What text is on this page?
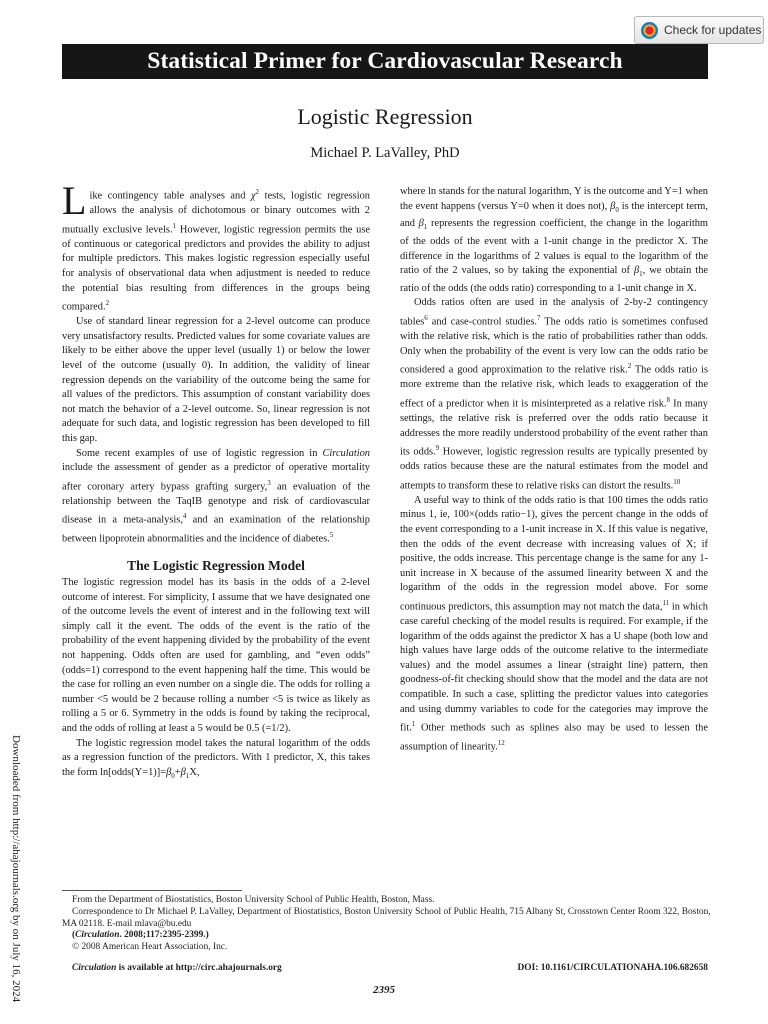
Check for updates
Statistical Primer for Cardiovascular Research
Logistic Regression
Michael P. LaValley, PhD
Downloaded from http://ahajournals.org by on July 16, 2024

Like contingency table analyses and $\chi^2$ tests, logistic regression allows the analysis of dichotomous or binary outcomes with 2 mutually exclusive levels.$^1$ However, logistic regression permits the use of continuous or categorical predictors and provides the ability to adjust for multiple predictors. This makes logistic regression especially useful for analysis of observational data when adjustment is needed to reduce the potential bias resulting from differences in the groups being compared.$^2$

Use of standard linear regression for a 2-level outcome can produce very unsatisfactory results. Predicted values for some covariate values are likely to be either above the upper level (usually 1) or below the lower level of the outcome (usually 0). In addition, the validity of linear regression depends on the variability of the outcome being the same for all values of the predictors. This assumption of constant variability does not match the behavior of a 2-level outcome. So, linear regression is not adequate for such data, and logistic regression has been developed to fill this gap.

Some recent examples of use of logistic regression in Circulation include the assessment of gender as a predictor of operative mortality after coronary artery bypass grafting surgery,$^3$ an evaluation of the relationship between the TaqIB genotype and risk of cardiovascular disease in a meta-analysis,$^4$ and an examination of the relationship between lipoprotein abnormalities and the incidence of diabetes.$^5$

The Logistic Regression Model

The logistic regression model has its basis in the odds of a 2-level outcome of interest. For simplicity, I assume that we have designated one of the outcome levels the event of interest and in the following text will simply call it the event. The odds of the event is the ratio of the probability of the event happening divided by the probability of the event not happening. Odds often are used for gambling, and “even odds” (odds=1) correspond to the event happening half the time. This would be the case for rolling an even number on a single die. The odds for rolling a number <5 would be 2 because rolling a number <5 is twice as likely as rolling a 5 or 6. Symmetry in the odds is found by taking the reciprocal, and the odds of rolling at least a 5 would be 0.5 (=1/2).

The logistic regression model takes the natural logarithm of the odds as a regression function of the predictors. With 1 predictor, X, this takes the form $\ln[odds(Y=1)]=\beta_0+\beta_1X$,

where ln stands for the natural logarithm, Y is the outcome and Y=1 when the event happens (versus Y=0 when it does not), $\beta_0$ is the intercept term, and $\beta_1$ represents the regression coefficient, the change in the logarithm of the odds of the event with a 1-unit change in the predictor X. The difference in the logarithms of 2 values is equal to the logarithm of the ratio of the 2 values, so by taking the exponential of $\beta_1$, we obtain the ratio of the odds (the odds ratio) corresponding to a 1-unit change in X.

Odds ratios often are used in the analysis of 2-by-2 contingency tables$^6$ and case-control studies.$^7$ The odds ratio is sometimes confused with the relative risk, which is the ratio of probabilities rather than odds. Only when the probability of the event is very low can the odds ratio be considered a good approximation to the relative risk.$^2$ The odds ratio is more extreme than the relative risk, which leads to exaggeration of the effect of a predictor when it is misinterpreted as a relative risk.$^8$ In many settings, the relative risk is preferred over the odds ratio because it addresses the more readily understood probability of the event rather than its odds.$^9$ However, logistic regression results are typically presented by odds ratios because these are the natural estimates from the model and attempts to transform these to relative risks can distort the results.$^{10}$

A useful way to think of the odds ratio is that 100 times the odds ratio minus 1, ie, 100×(odds ratio−1), gives the percent change in the odds of the event corresponding to a 1-unit increase in X. If this value is negative, then the odds of the event decrease with increasing values of X; if positive, the odds increase. This percentage change is the same for any 1-unit increase in X because of the assumed linearity between X and the logarithm of the odds in the regression model above. For some continuous predictors, this assumption may not match the data,$^{11}$ in which case careful checking of the model results is required. For example, if the logarithm of the odds against the predictor X has a U shape (both low and high values have large odds of the outcome relative to the intermediate values) and the model assumes a linear (straight line) pattern, then goodness-of-fit checking should show that the model and the data are not compatible. In such a case, splitting the predictor values into categories and using dummy variables to code for the categories may improve the fit.$^1$ Other methods such as splines also may be used to lessen the assumption of linearity.$^{12}$

From the Department of Biostatistics, Boston University School of Public Health, Boston, Mass.

Correspondence to Dr Michael P. LaValley, Department of Biostatistics, Boston University School of Public Health, 715 Albany St, Crosstown Center Room 322, Boston, MA 02118. E-mail mlava@bu.edu

(Circulation. 2008;117:2395-2399.)

© 2008 American Heart Association, Inc.

Circulation is available at http://circ.ahajournals.org	DOI: 10.1161/CIRCULATIONAHA.106.682658
2395
